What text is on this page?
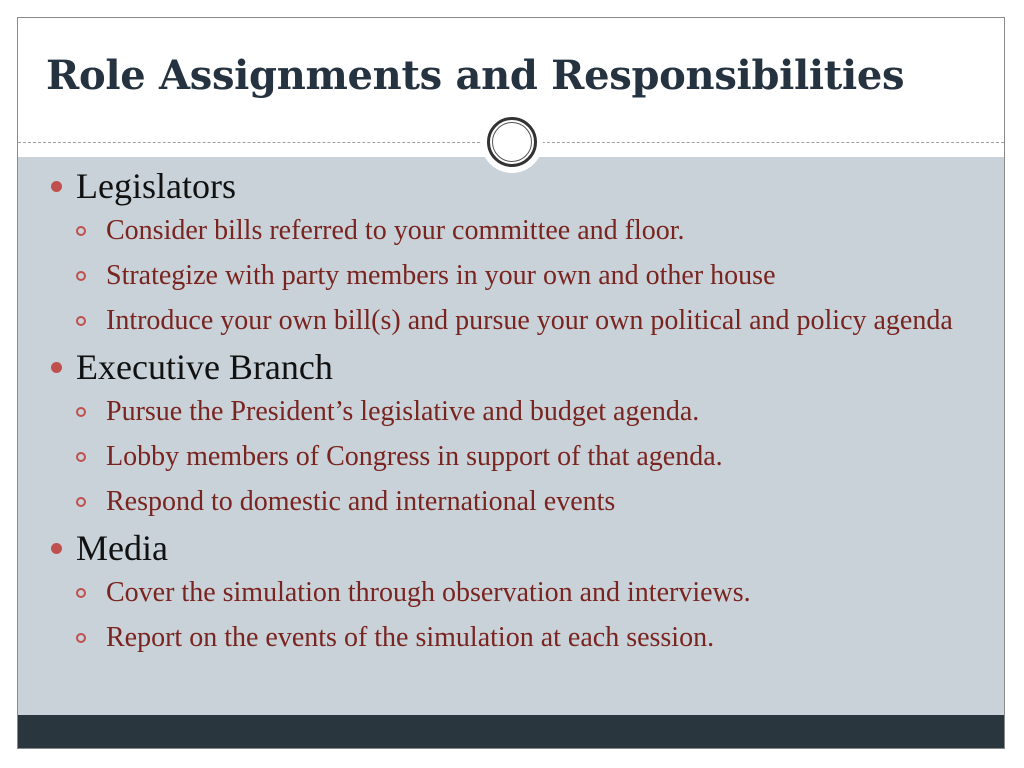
Role Assignments and Responsibilities
Legislators
Consider bills referred to your committee and floor.
Strategize with party members in your own and other house
Introduce your own bill(s) and pursue your own political and policy agenda
Executive Branch
Pursue the President’s legislative and budget agenda.
Lobby members of Congress in support of that agenda.
Respond to domestic and international events
Media
Cover the simulation through observation and interviews.
Report on the events of the simulation at each session.
